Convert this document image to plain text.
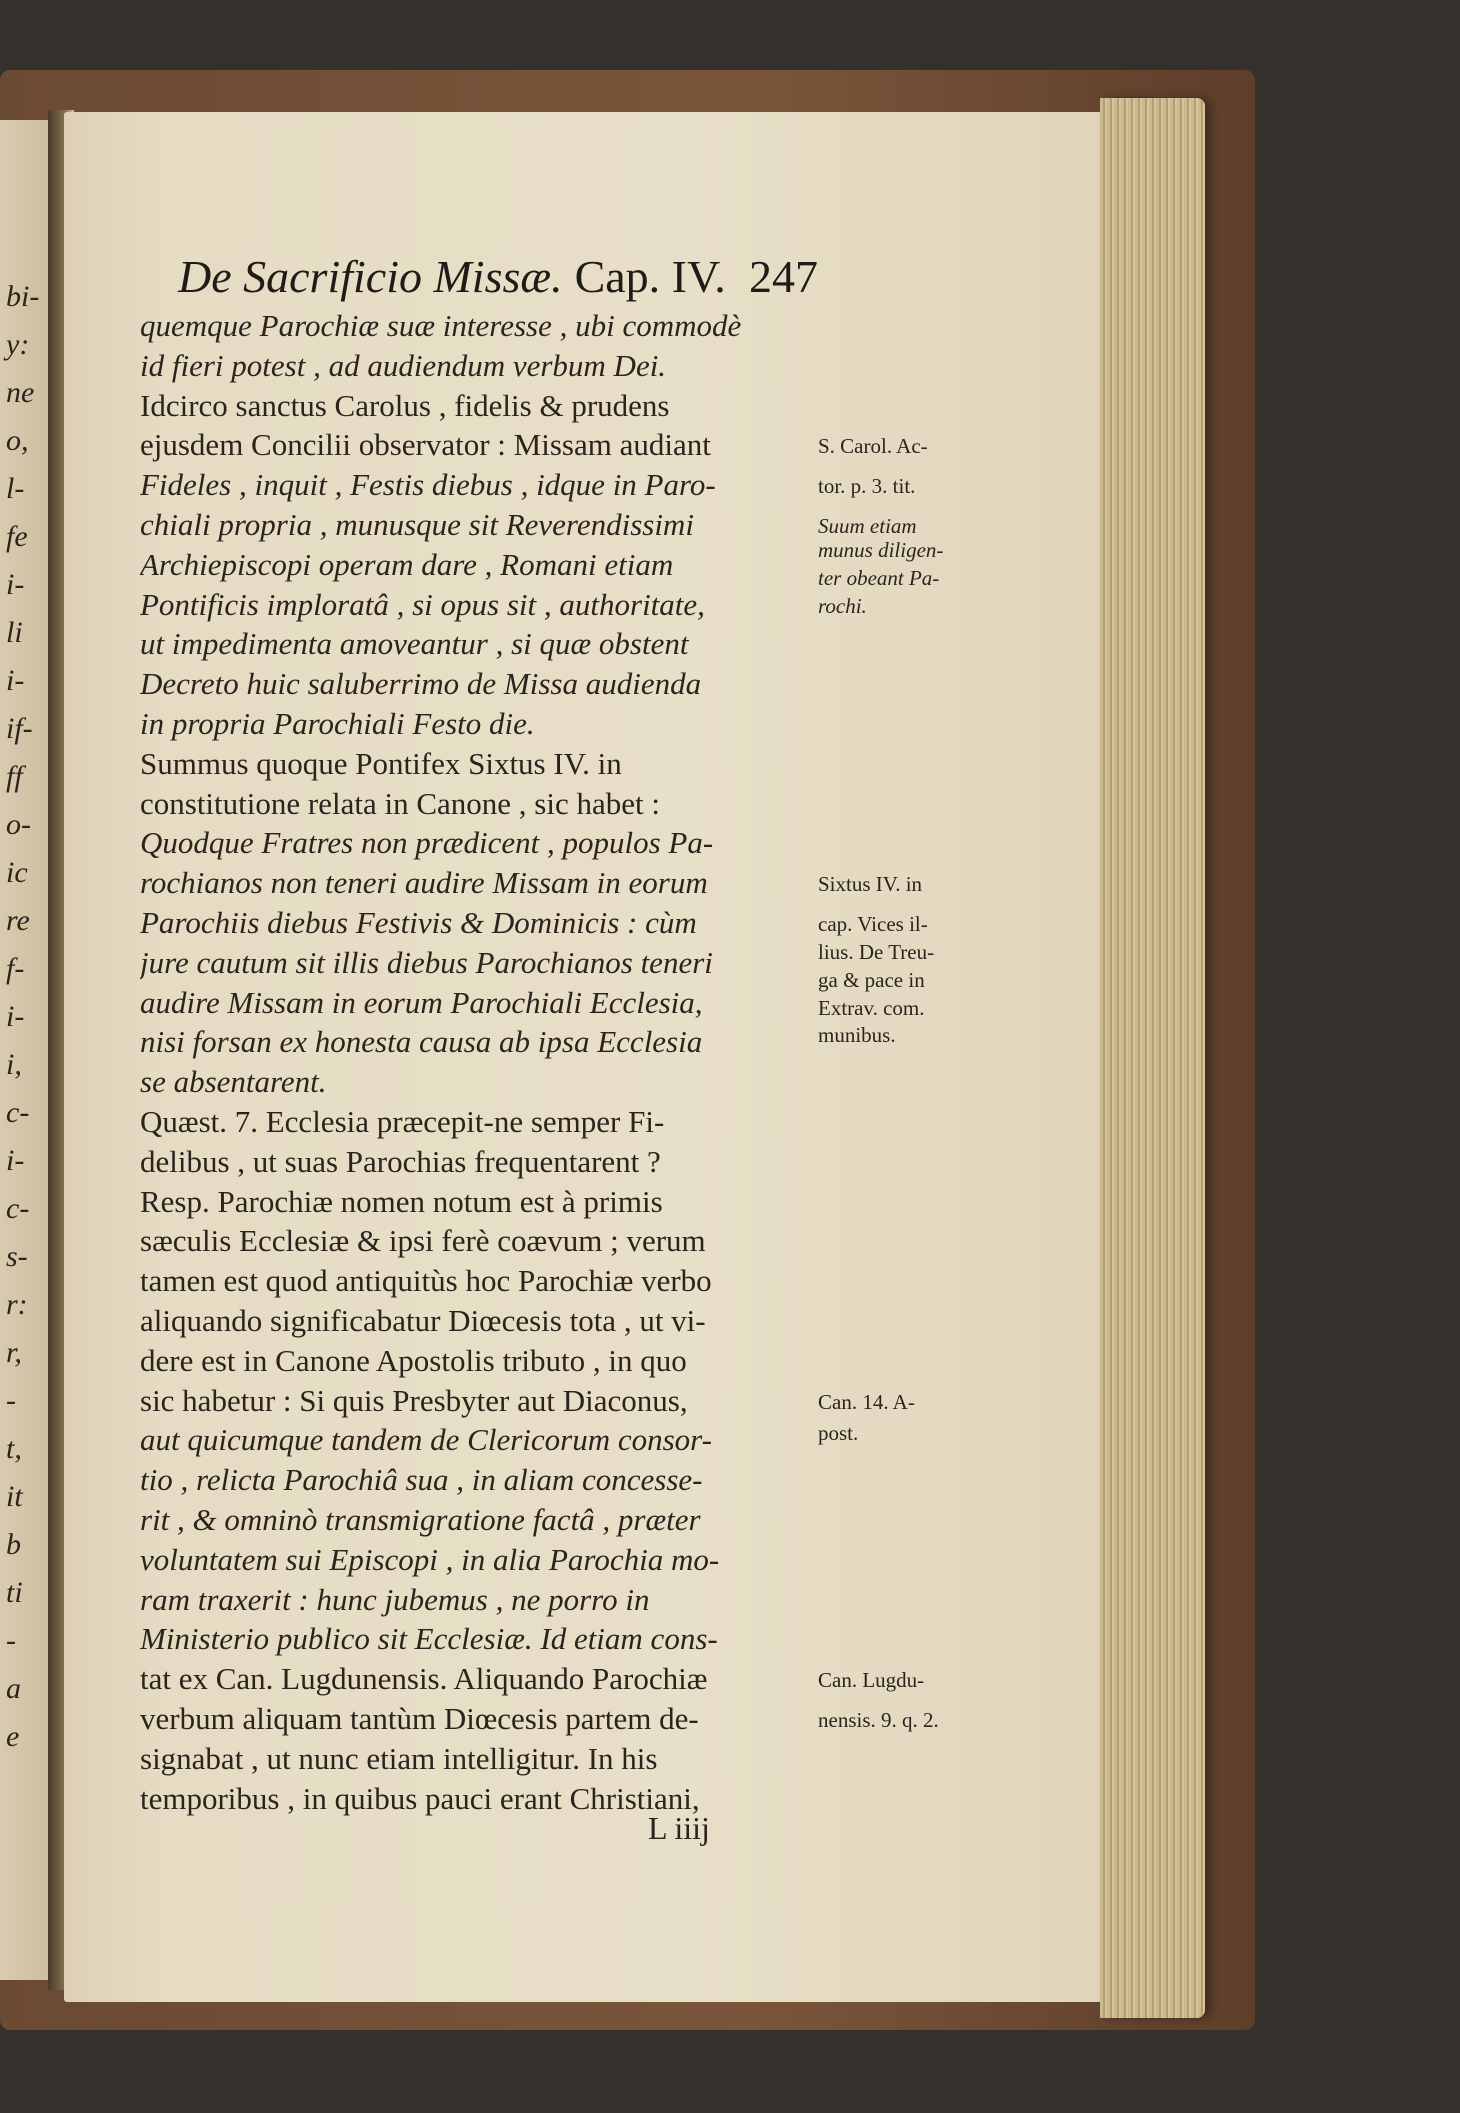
bi-
y:
ne
o,
l-
fe
i-
li
i-
if-
ff
o-
ic
re
f-
i-
i,
c-
i-
c-
s-
r:
r,
-
t,
it
b
ti
-
a
e
De Sacrificio Missæ. Cap. IV. 247
quemque Parochiæ suæ interesse , ubi commodè
id fieri potest , ad audiendum verbum Dei.
Idcirco sanctus Carolus , fidelis & prudens
ejusdem Concilii observator : Missam audiant
Fideles , inquit , Festis diebus , idque in Paro-
chiali propria , munusque sit Reverendissimi
Archiepiscopi operam dare , Romani etiam
Pontificis imploratâ , si opus sit , authoritate,
ut impedimenta amoveantur , si quæ obstent
Decreto huic saluberrimo de Missa audienda
in propria Parochiali Festo die.
Summus quoque Pontifex Sixtus IV. in
constitutione relata in Canone , sic habet :
Quodque Fratres non prædicent , populos Pa-
rochianos non teneri audire Missam in eorum
Parochiis diebus Festivis & Dominicis : cùm
jure cautum sit illis diebus Parochianos teneri
audire Missam in eorum Parochiali Ecclesia,
nisi forsan ex honesta causa ab ipsa Ecclesia
se absentarent.
Quæst. 7. Ecclesia præcepit-ne semper Fi-
delibus , ut suas Parochias frequentarent ?
Resp. Parochiæ nomen notum est à primis
sæculis Ecclesiæ & ipsi ferè coævum ; verum
tamen est quod antiquitùs hoc Parochiæ verbo
aliquando significabatur Diœcesis tota , ut vi-
dere est in Canone Apostolis tributo , in quo
sic habetur : Si quis Presbyter aut Diaconus,
aut quicumque tandem de Clericorum consor-
tio , relicta Parochiâ sua , in aliam concesse-
rit , & omninò transmigratione factâ , præter
voluntatem sui Episcopi , in alia Parochia mo-
ram traxerit : hunc jubemus , ne porro in
Ministerio publico sit Ecclesiæ. Id etiam cons-
tat ex Can. Lugdunensis. Aliquando Parochiæ
verbum aliquam tantùm Diœcesis partem de-
signabat , ut nunc etiam intelligitur. In his
temporibus , in quibus pauci erant Christiani,
S. Carol. Ac-
tor. p. 3. tit.
Suum etiam
munus diligen-
ter obeant Pa-
rochi.
Sixtus IV. in
cap. Vices il-
lius. De Treu-
ga & pace in
Extrav. com.
munibus.
Can. 14. A-
post.
Can. Lugdu-
nensis. 9. q. 2.
L iiij
